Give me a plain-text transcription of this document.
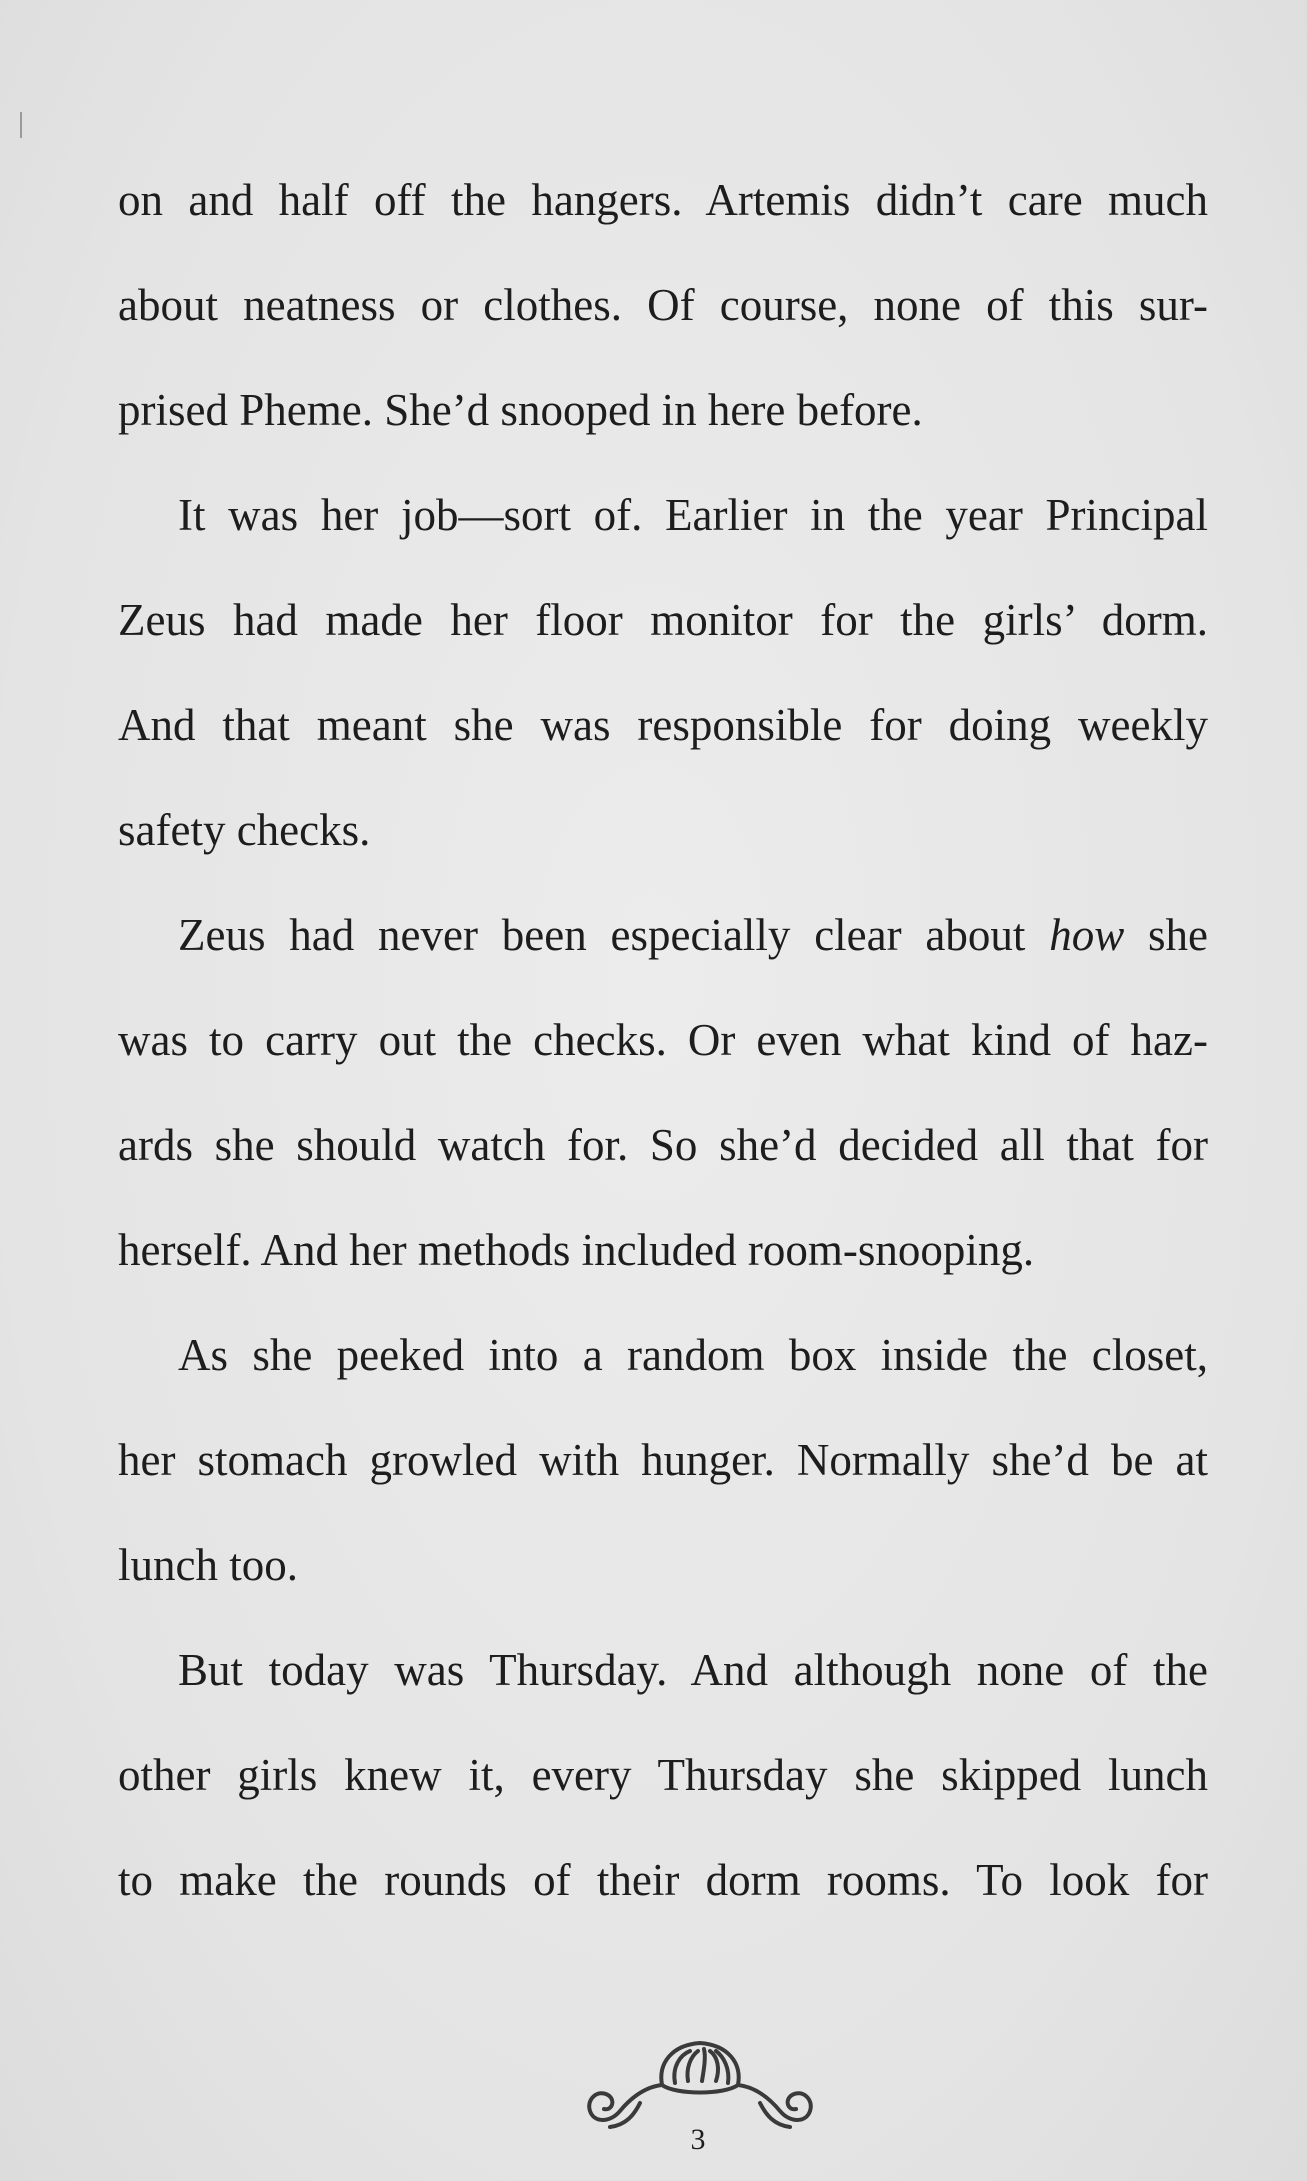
on and half off the hangers. Artemis didn’t care much
about neatness or clothes. Of course, none of this sur-
prised Pheme. She’d snooped in here before.
It was her job—sort of. Earlier in the year Principal
Zeus had made her floor monitor for the girls’ dorm.
And that meant she was responsible for doing weekly
safety checks.
Zeus had never been especially clear about how she
was to carry out the checks. Or even what kind of haz-
ards she should watch for. So she’d decided all that for
herself. And her methods included room-snooping.
As she peeked into a random box inside the closet,
her stomach growled with hunger. Normally she’d be at
lunch too.
But today was Thursday. And although none of the
other girls knew it, every Thursday she skipped lunch
to make the rounds of their dorm rooms. To look for
3
